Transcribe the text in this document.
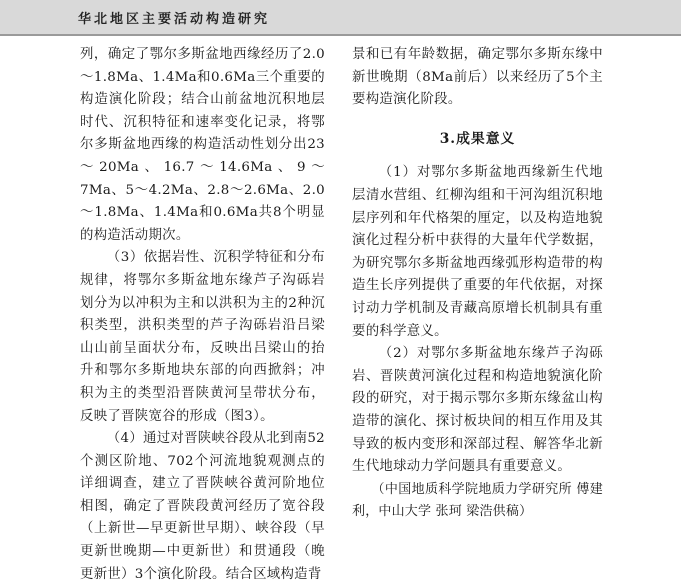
华北地区主要活动构造研究

列，确定了鄂尔多斯盆地西缘经历了2.0～1.8Ma、1.4Ma和0.6Ma三个重要的构造演化阶段；结合山前盆地沉积地层时代、沉积特征和速率变化记录，将鄂尔多斯盆地西缘的构造活动性划分出23～20Ma、16.7～14.6Ma、9～7Ma、5～4.2Ma、2.8～2.6Ma、2.0～1.8Ma、1.4Ma和0.6Ma共8个明显的构造活动期次。

（3）依据岩性、沉积学特征和分布规律，将鄂尔多斯盆地东缘芦子沟砾岩划分为以冲积为主和以洪积为主的2种沉积类型，洪积类型的芦子沟砾岩沿吕梁山山前呈面状分布，反映出吕梁山的抬升和鄂尔多斯地块东部的向西掀斜；冲积为主的类型沿晋陕黄河呈带状分布，反映了晋陕宽谷的形成（图3）。

（4）通过对晋陕峡谷段从北到南52个测区阶地、702个河流地貌观测点的详细调查，建立了晋陕峡谷黄河阶地位相图，确定了晋陕段黄河经历了宽谷段（上新世—早更新世早期）、峡谷段（早更新世晚期—中更新世）和贯通段（晚更新世）3个演化阶段。结合区域构造背

景和已有年龄数据，确定鄂尔多斯东缘中新世晚期（8Ma前后）以来经历了5个主要构造演化阶段。

3.成果意义

（1）对鄂尔多斯盆地西缘新生代地层清水营组、红柳沟组和干河沟组沉积地层序列和年代格架的厘定，以及构造地貌演化过程分析中获得的大量年代学数据，为研究鄂尔多斯盆地西缘弧形构造带的构造生长序列提供了重要的年代依据，对探讨动力学机制及青藏高原增长机制具有重要的科学意义。

（2）对鄂尔多斯盆地东缘芦子沟砾岩、晋陕黄河演化过程和构造地貌演化阶段的研究，对于揭示鄂尔多斯东缘盆山构造带的演化、探讨板块间的相互作用及其导致的板内变形和深部过程、解答华北新生代地球动力学问题具有重要意义。

（中国地质科学院地质力学研究所 傅建利，中山大学 张珂 梁浩供稿）
